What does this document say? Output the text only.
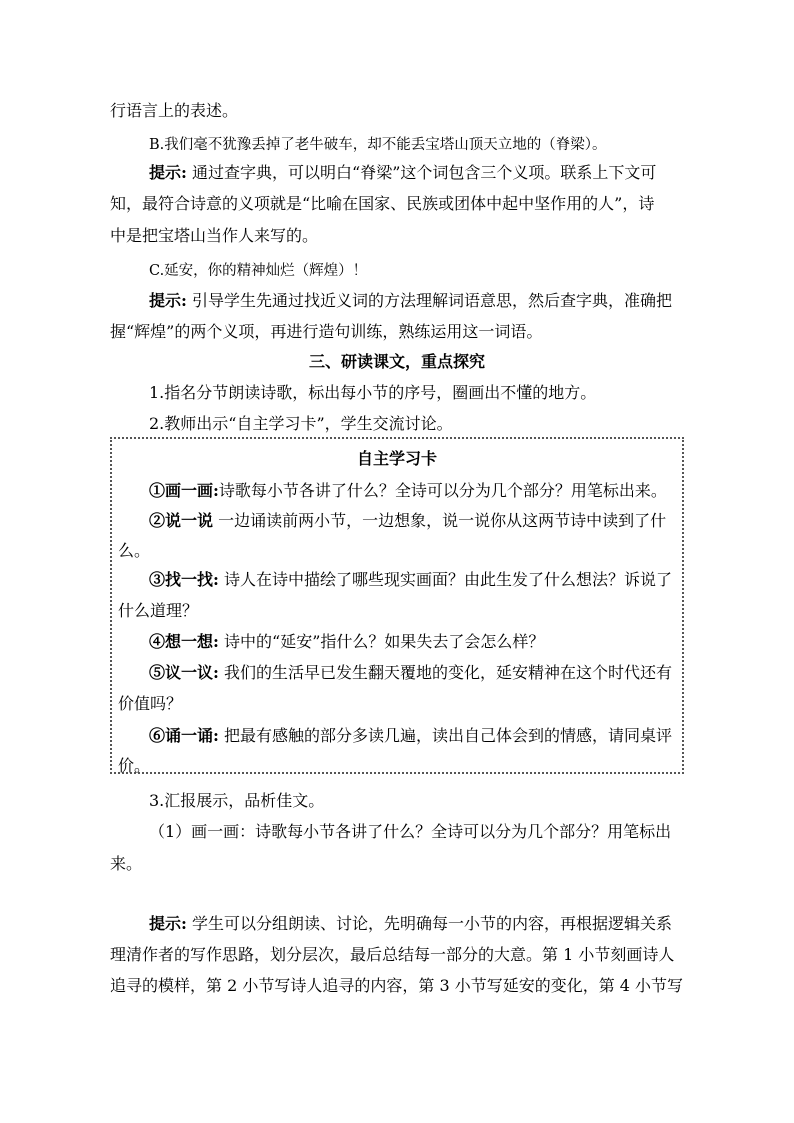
行语言上的表述。
B.我们毫不犹豫丢掉了老牛破车，却不能丢宝塔山顶天立地的（脊梁）。
提示: 通过查字典，可以明白“脊梁”这个词包含三个义项。联系上下文可
知，最符合诗意的义项就是“比喻在国家、民族或团体中起中坚作用的人”，诗
中是把宝塔山当作人来写的。
C.延安，你的精神灿烂（辉煌）！
提示: 引导学生先通过找近义词的方法理解词语意思，然后查字典，准确把
握“辉煌”的两个义项，再进行造句训练，熟练运用这一词语。
三、研读课文，重点探究
1.指名分节朗读诗歌，标出每小节的序号，圈画出不懂的地方。
2.教师出示“自主学习卡”，学生交流讨论。
自主学习卡
①画一画:诗歌每小节各讲了什么？全诗可以分为几个部分？用笔标出来。
②说一说 一边诵读前两小节，一边想象，说一说你从这两节诗中读到了什
么。
③找一找: 诗人在诗中描绘了哪些现实画面？由此生发了什么想法？诉说了
什么道理？
④想一想: 诗中的“延安”指什么？如果失去了会怎么样？
⑤议一议: 我们的生活早已发生翻天覆地的变化，延安精神在这个时代还有
价值吗？
⑥诵一诵: 把最有感触的部分多读几遍，读出自己体会到的情感，请同桌评
价。
3.汇报展示，品析佳文。
（1）画一画：诗歌每小节各讲了什么？全诗可以分为几个部分？用笔标出
来。
提示: 学生可以分组朗读、讨论，先明确每一小节的内容，再根据逻辑关系
理清作者的写作思路，划分层次，最后总结每一部分的大意。第 1 小节刻画诗人
追寻的模样，第 2 小节写诗人追寻的内容，第 3 小节写延安的变化，第 4 小节写
